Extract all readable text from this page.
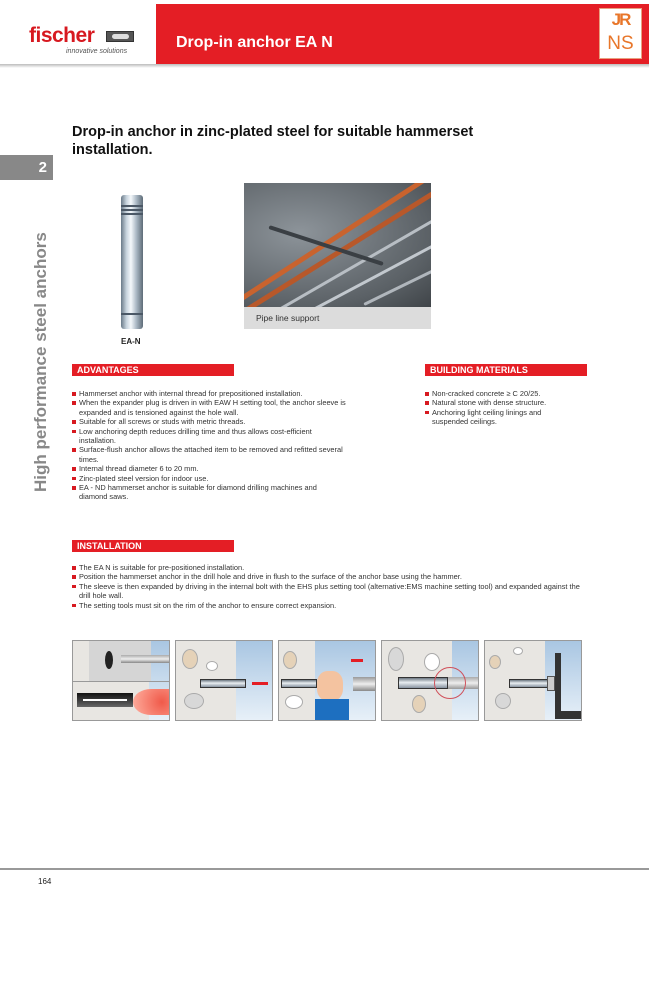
fischer
innovative solutions
Drop-in anchor EA N
JR
NS
2
High performance steel anchors
Drop-in anchor in zinc-plated steel for suitable hammerset installation.
EA-N
Pipe line support
ADVANTAGES
Hammerset anchor with internal thread for prepositioned installation.
When the expander plug is driven in with EAW H setting tool, the anchor sleeve is expanded and is tensioned against the hole wall.
Suitable for all screws or studs with metric threads.
Low anchoring depth reduces drilling time and thus allows cost-efficient installation.
Surface-flush anchor allows the attached item to be removed and refitted several times.
Internal thread diameter 6 to 20 mm.
Zinc-plated steel version for indoor use.
EA - ND hammerset anchor is suitable for diamond drilling machines and diamond saws.
BUILDING MATERIALS
Non-cracked concrete ≥ C 20/25.
Natural stone with dense structure.
Anchoring light ceiling linings and suspended ceilings.
INSTALLATION
The EA N is suitable for pre-positioned installation.
Position the hammerset anchor in the drill hole and drive in flush to the surface of the anchor base using the hammer.
The sleeve is then expanded by driving in the internal bolt with the EHS plus setting tool (alternative:EMS machine setting tool) and expanded against the drill hole wall.
The setting tools must sit on the rim of the anchor to ensure correct expansion.
164
